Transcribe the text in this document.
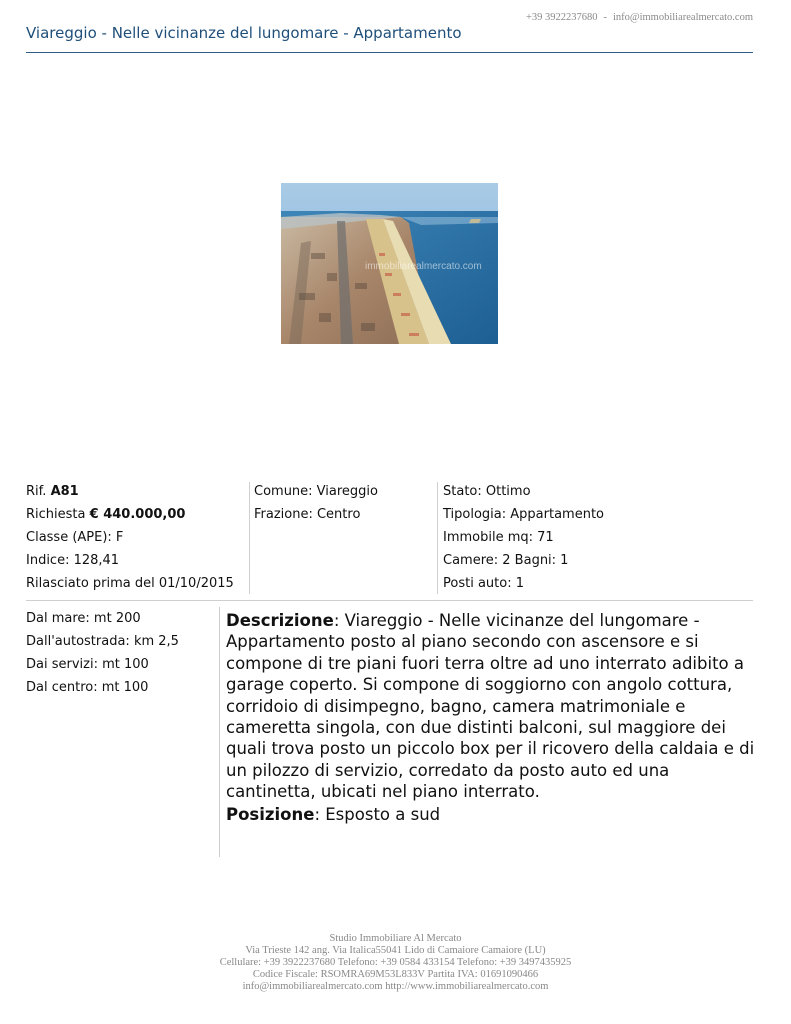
+39 3922237680 - info@immobiliarealmercato.com
Viareggio - Nelle vicinanze del lungomare - Appartamento
immobiliarealmercato.com
Rif. A81
Richiesta € 440.000,00
Classe (APE): F
Indice: 128,41
Rilasciato prima del 01/10/2015
Comune: Viareggio
Frazione: Centro
Stato: Ottimo
Tipologia: Appartamento
Immobile mq: 71
Camere: 2 Bagni: 1
Posti auto: 1
Dal mare: mt 200
Dall'autostrada: km 2,5
Dai servizi: mt 100
Dal centro: mt 100

Descrizione: Viareggio - Nelle vicinanze del lungomare - Appartamento posto al piano secondo con ascensore e si compone di tre piani fuori terra oltre ad uno interrato adibito a garage coperto. Si compone di soggiorno con angolo cottura, corridoio di disimpegno, bagno, camera matrimoniale e cameretta singola, con due distinti balconi, sul maggiore dei quali trova posto un piccolo box per il ricovero della caldaia e di un pilozzo di servizio, corredato da posto auto ed una cantinetta, ubicati nel piano interrato.

Posizione: Esposto a sud

Studio Immobiliare Al Mercato
Via Trieste 142 ang. Via Italica55041 Lido di Camaiore Camaiore (LU)
Cellulare: +39 3922237680 Telefono: +39 0584 433154 Telefono: +39 3497435925
Codice Fiscale: RSOMRA69M53L833V Partita IVA: 01691090466
info@immobiliarealmercato.com http://www.immobiliarealmercato.com
